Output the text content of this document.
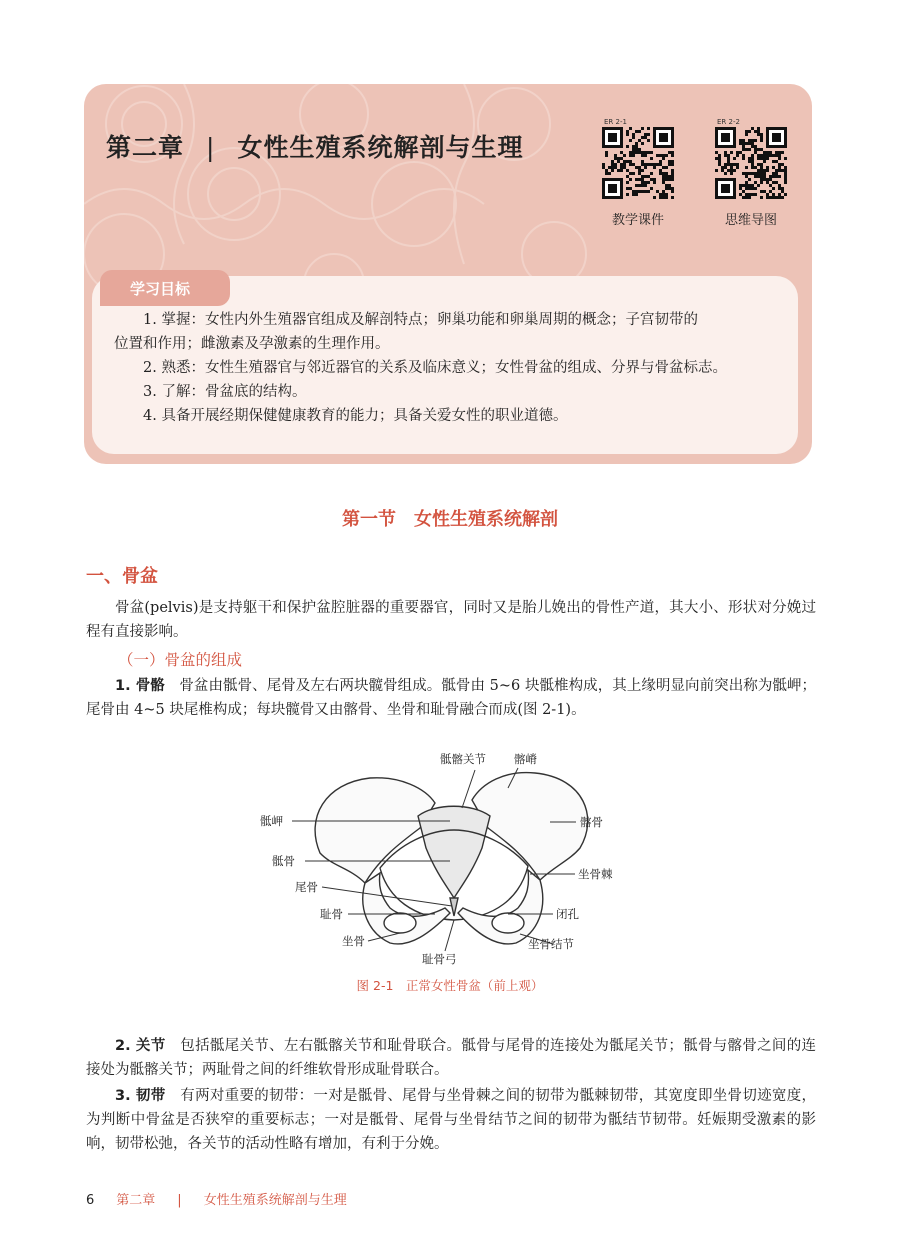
第二章 | 女性生殖系统解剖与生理
ER 2-1
教学课件
ER 2-2
思维导图

1. 掌握：女性内外生殖器官组成及解剖特点；卵巢功能和卵巢周期的概念；子宫韧带的

位置和作用；雌激素及孕激素的生理作用。

2. 熟悉：女性生殖器官与邻近器官的关系及临床意义；女性骨盆的组成、分界与骨盆标志。

3. 了解：骨盆底的结构。

4. 具备开展经期保健健康教育的能力；具备关爱女性的职业道德。

学习目标
第一节　女性生殖系统解剖
一、骨盆

骨盆(pelvis)是支持躯干和保护盆腔脏器的重要器官，同时又是胎儿娩出的骨性产道，其大小、形状对分娩过程有直接影响。

（一）骨盆的组成

1. 骨骼　骨盆由骶骨、尾骨及左右两块髋骨组成。骶骨由 5~6 块骶椎构成，其上缘明显向前突出称为骶岬；尾骨由 4~5 块尾椎构成；每块髋骨又由髂骨、坐骨和耻骨融合而成(图 2-1)。

骶髂关节 髂嵴
骶岬	髂骨
骶骨
坐骨棘
尾骨
耻骨	闭孔
坐骨	坐骨结节
耻骨弓
图 2-1　正常女性骨盆（前上观）

2. 关节　包括骶尾关节、左右骶髂关节和耻骨联合。骶骨与尾骨的连接处为骶尾关节；骶骨与髂骨之间的连接处为骶髂关节；两耻骨之间的纤维软骨形成耻骨联合。

3. 韧带　有两对重要的韧带：一对是骶骨、尾骨与坐骨棘之间的韧带为骶棘韧带，其宽度即坐骨切迹宽度，为判断中骨盆是否狭窄的重要标志；一对是骶骨、尾骨与坐骨结节之间的韧带为骶结节韧带。妊娠期受激素的影响，韧带松弛，各关节的活动性略有增加，有利于分娩。

6 第二章 | 女性生殖系统解剖与生理
